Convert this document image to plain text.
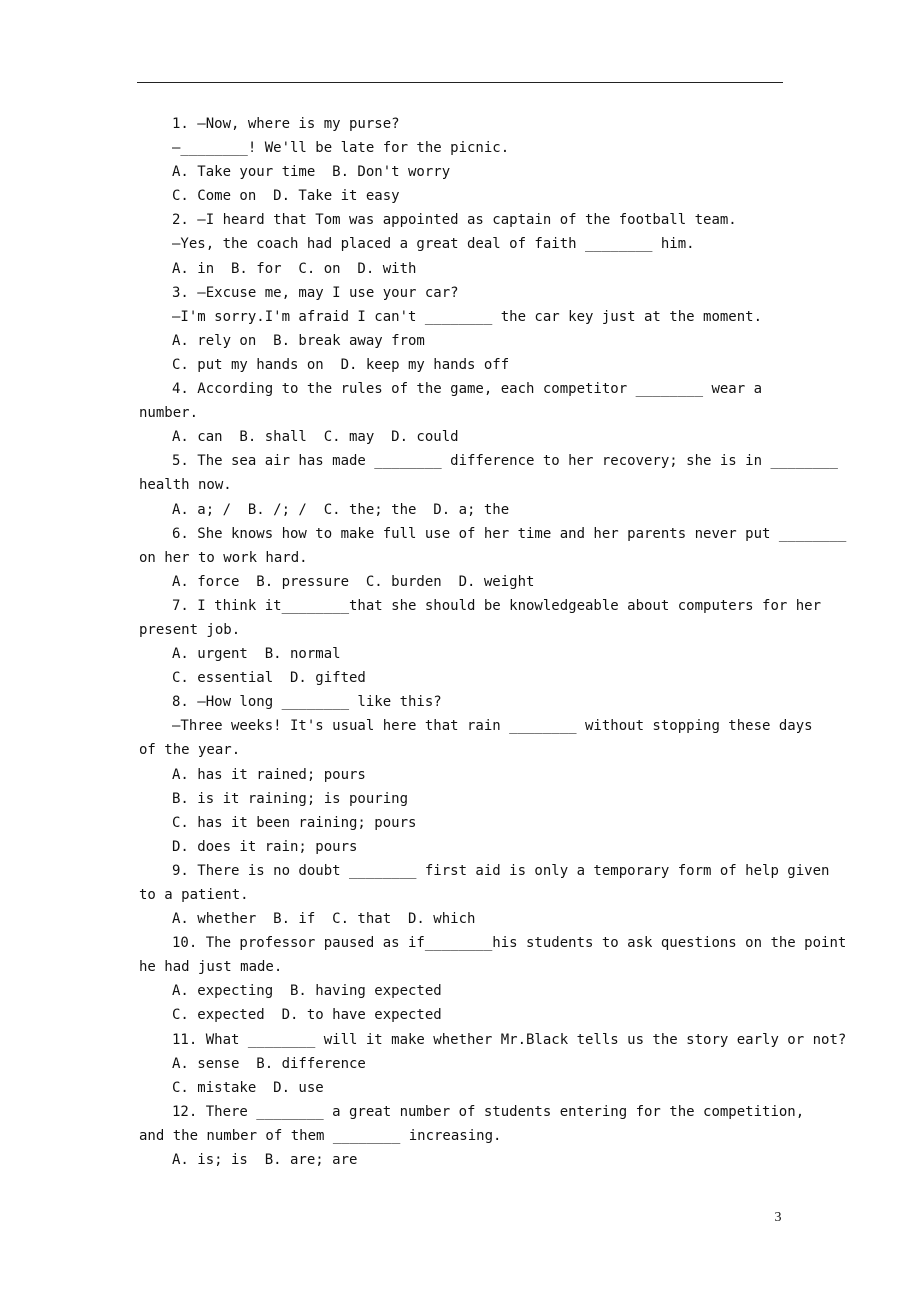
1. —Now, where is my purse?
—________! We'll be late for the picnic.
A. Take your time  B. Don't worry
C. Come on  D. Take it easy
2. —I heard that Tom was appointed as captain of the football team.
—Yes, the coach had placed a great deal of faith ________ him.
A. in  B. for  C. on  D. with
3. —Excuse me, may I use your car?
—I'm sorry.I'm afraid I can't ________ the car key just at the moment.
A. rely on  B. break away from
C. put my hands on  D. keep my hands off
4. According to the rules of the game, each competitor ________ wear a
number.
A. can  B. shall  C. may  D. could
5. The sea air has made ________ difference to her recovery; she is in ________
health now.
A. a; /  B. /; /  C. the; the  D. a; the
6. She knows how to make full use of her time and her parents never put ________
on her to work hard.
A. force  B. pressure  C. burden  D. weight
7. I think it________that she should be knowledgeable about computers for her
present job.
A. urgent  B. normal
C. essential  D. gifted
8. —How long ________ like this?
—Three weeks! It's usual here that rain ________ without stopping these days
of the year.
A. has it rained; pours
B. is it raining; is pouring
C. has it been raining; pours
D. does it rain; pours
9. There is no doubt ________ first aid is only a temporary form of help given
to a patient.
A. whether  B. if  C. that  D. which
10. The professor paused as if________his students to ask questions on the point
he had just made.
A. expecting  B. having expected
C. expected  D. to have expected
11. What ________ will it make whether Mr.Black tells us the story early or not?
A. sense  B. difference
C. mistake  D. use
12. There ________ a great number of students entering for the competition,
and the number of them ________ increasing.
A. is; is  B. are; are
3
